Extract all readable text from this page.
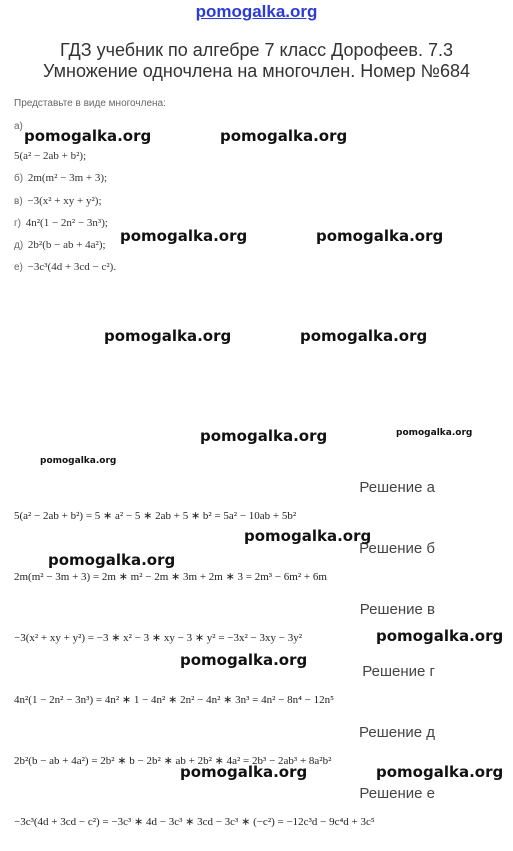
pomogalka.org
ГДЗ учебник по алгебре 7 класс Дорофеев. 7.3 Умножение одночлена на многочлен. Номер №684
Представьте в виде многочлена:
а)
5(a² − 2ab + b²);
б) 2m(m² − 3m + 3);
в) −3(x² + xy + y²);
г) 4n²(1 − 2n² − 3n³);
д) 2b²(b − ab + 4a²);
е) −3c³(4d + 3cd − c²).
Решение а
5(a² − 2ab + b²) = 5 ∗ a² − 5 ∗ 2ab + 5 ∗ b² = 5a² − 10ab + 5b²
Решение б
2m(m² − 3m + 3) = 2m ∗ m² − 2m ∗ 3m + 2m ∗ 3 = 2m³ − 6m² + 6m
Решение в
−3(x² + xy + y²) = −3 ∗ x² − 3 ∗ xy − 3 ∗ y² = −3x² − 3xy − 3y²
Решение г
4n²(1 − 2n² − 3n³) = 4n² ∗ 1 − 4n² ∗ 2n² − 4n² ∗ 3n³ = 4n² − 8n⁴ − 12n⁵
Решение д
2b²(b − ab + 4a²) = 2b² ∗ b − 2b² ∗ ab + 2b² ∗ 4a² = 2b³ − 2ab³ + 8a²b²
Решение е
−3c³(4d + 3cd − c²) = −3c³ ∗ 4d − 3c³ ∗ 3cd − 3c³ ∗ (−c²) = −12c³d − 9c⁴d + 3c⁵
pomogalka.org	pomogalka.org
pomogalka.org	pomogalka.org
pomogalka.org	pomogalka.org
pomogalka.org	pomogalka.org
pomogalka.org
pomogalka.org
pomogalka.org
pomogalka.org
pomogalka.org
pomogalka.org	pomogalka.org
